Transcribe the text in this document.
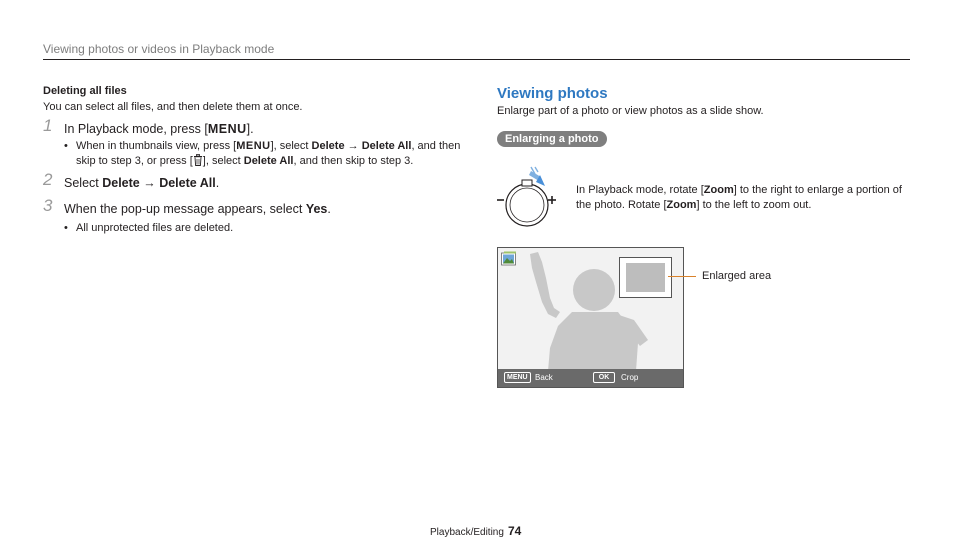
Viewing photos or videos in Playback mode
Deleting all files
You can select all files, and then delete them at once.
1 In Playback mode, press [MENU].
• When in thumbnails view, press [MENU], select Delete → Delete All, and then skip to step 3, or press [ ], select Delete All, and then skip to step 3.
2 Select Delete → Delete All.
3 When the pop-up message appears, select Yes.
• All unprotected files are deleted.
Viewing photos
Enlarge part of a photo or view photos as a slide show.
Enlarging a photo
In Playback mode, rotate [Zoom] to the right to enlarge a portion of the photo. Rotate [Zoom] to the left to zoom out.
MENU Back	OK	Crop
Enlarged area
Playback/Editing 74
